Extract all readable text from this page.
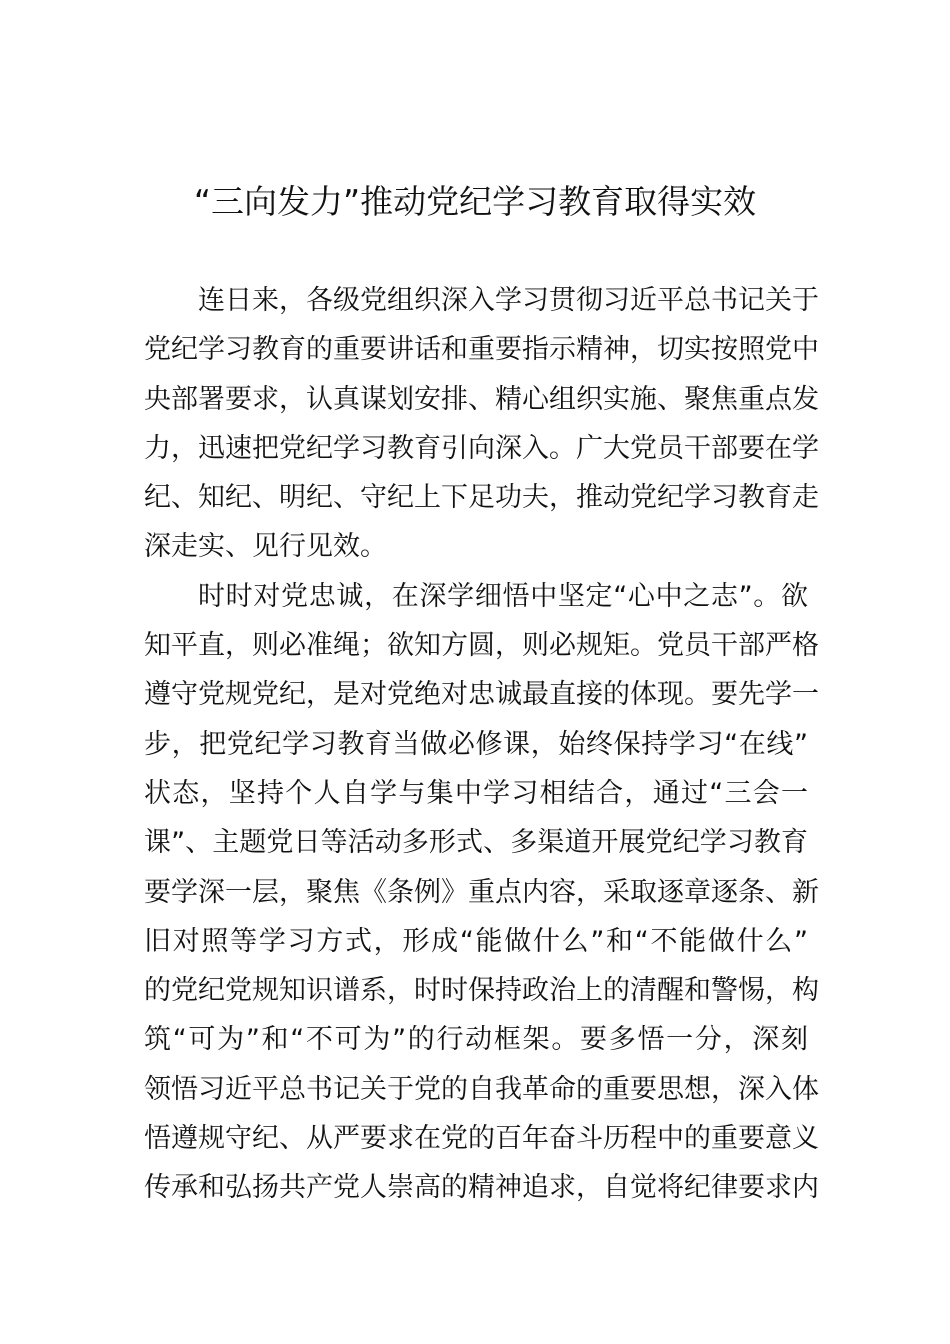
“三向发力”推动党纪学习教育取得实效
连日来，各级党组织深入学习贯彻习近平总书记关于
党纪学习教育的重要讲话和重要指示精神，切实按照党中
央部署要求，认真谋划安排、精心组织实施、聚焦重点发
力，迅速把党纪学习教育引向深入。广大党员干部要在学
纪、知纪、明纪、守纪上下足功夫，推动党纪学习教育走
深走实、见行见效。
时时对党忠诚，在深学细悟中坚定“心中之志”。欲
知平直，则必准绳；欲知方圆，则必规矩。党员干部严格
遵守党规党纪，是对党绝对忠诚最直接的体现。要先学一
步，把党纪学习教育当做必修课，始终保持学习“在线”
状态，坚持个人自学与集中学习相结合，通过“三会一
课”、主题党日等活动多形式、多渠道开展党纪学习教育
要学深一层，聚焦《条例》重点内容，采取逐章逐条、新
旧对照等学习方式，形成“能做什么”和“不能做什么”
的党纪党规知识谱系，时时保持政治上的清醒和警惕，构
筑“可为”和“不可为”的行动框架。要多悟一分，深刻
领悟习近平总书记关于党的自我革命的重要思想，深入体
悟遵规守纪、从严要求在党的百年奋斗历程中的重要意义
传承和弘扬共产党人崇高的精神追求，自觉将纪律要求内
